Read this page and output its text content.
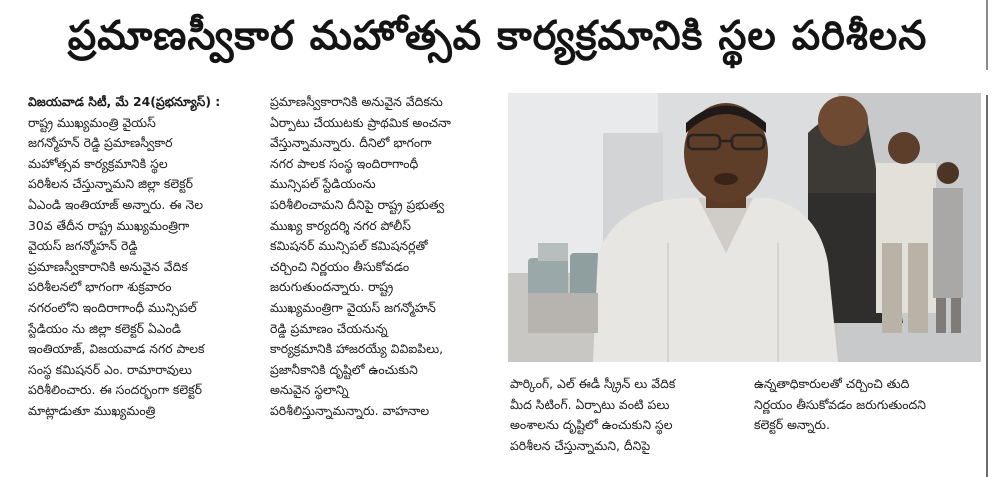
ప్రమాణస్వీకార మహోత్సవ కార్యక్రమానికి స్థల పరిశీలన
విజయవాడ సిటీ, మే 24(ప్రభన్యూస్) :
రాష్ట్ర ముఖ్యమంత్రి వైయస్
జగన్మోహన్ రెడ్డి ప్రమాణస్వీకార
మహోత్సవ కార్యక్రమానికి స్థల
పరిశీలన చేస్తున్నామని జిల్లా కలెక్టర్
ఏఎండి ఇంతియాజ్ అన్నారు. ఈ నెల
30వ తేదీన రాష్ట్ర ముఖ్యమంత్రిగా
వైయస్ జగన్మోహన్ రెడ్డి
ప్రమాణస్వీకారానికి అనువైన వేదిక
పరిశీలనలో భాగంగా శుక్రవారం
నగరంలోని ఇందిరాగాంధీ మున్సిపల్
స్టేడియం ను జిల్లా కలెక్టర్ ఏఎండి
ఇంతియాజ్, విజయవాడ నగర పాలక
సంస్థ కమిషనర్ ఎం. రామారావులు
పరిశీలించారు. ఈ సందర్భంగా కలెక్టర్
మాట్లాడుతూ ముఖ్యమంత్రి
ప్రమాణస్వీకారానికి అనువైన వేదికను
ఏర్పాటు చేయుటకు ప్రాథమిక అంచనా
వేస్తున్నామన్నారు. దీనిలో భాగంగా
నగర పాలక సంస్థ ఇందిరాగాంధీ
మున్సిపల్ స్టేడియంను
పరిశీలించామని దీనిపై రాష్ట్ర ప్రభుత్వ
ముఖ్య కార్యదర్శి నగర పోలీస్
కమిషనర్ మున్సిపల్ కమిషనర్లతో
చర్చించి నిర్ణయం తీసుకోవడం
జరుగుతుందన్నారు. రాష్ట్ర
ముఖ్యమంత్రిగా వైయస్ జగన్మోహన్
రెడ్డి ప్రమాణం చేయనున్న
కార్యక్రమానికి హాజరయ్యే వివిఐపిలు,
ప్రజానీకానికి దృష్టిలో ఉంచుకుని
అనువైన స్థలాన్ని
పరిశీలిస్తున్నామన్నారు. వాహనాల
పార్కింగ్, ఎల్ ఈడీ స్క్రీన్ లు వేదిక
మీద సిటింగ్. ఏర్పాటు వంటి పలు
అంశాలను దృష్టిలో ఉంచుకుని స్థల
పరిశీలన చేస్తున్నామని, దీనిపై
ఉన్నతాధికారులతో చర్చించి తుది
నిర్ణయం తీసుకోవడం జరుగుతుందని
కలెక్టర్ అన్నారు.
